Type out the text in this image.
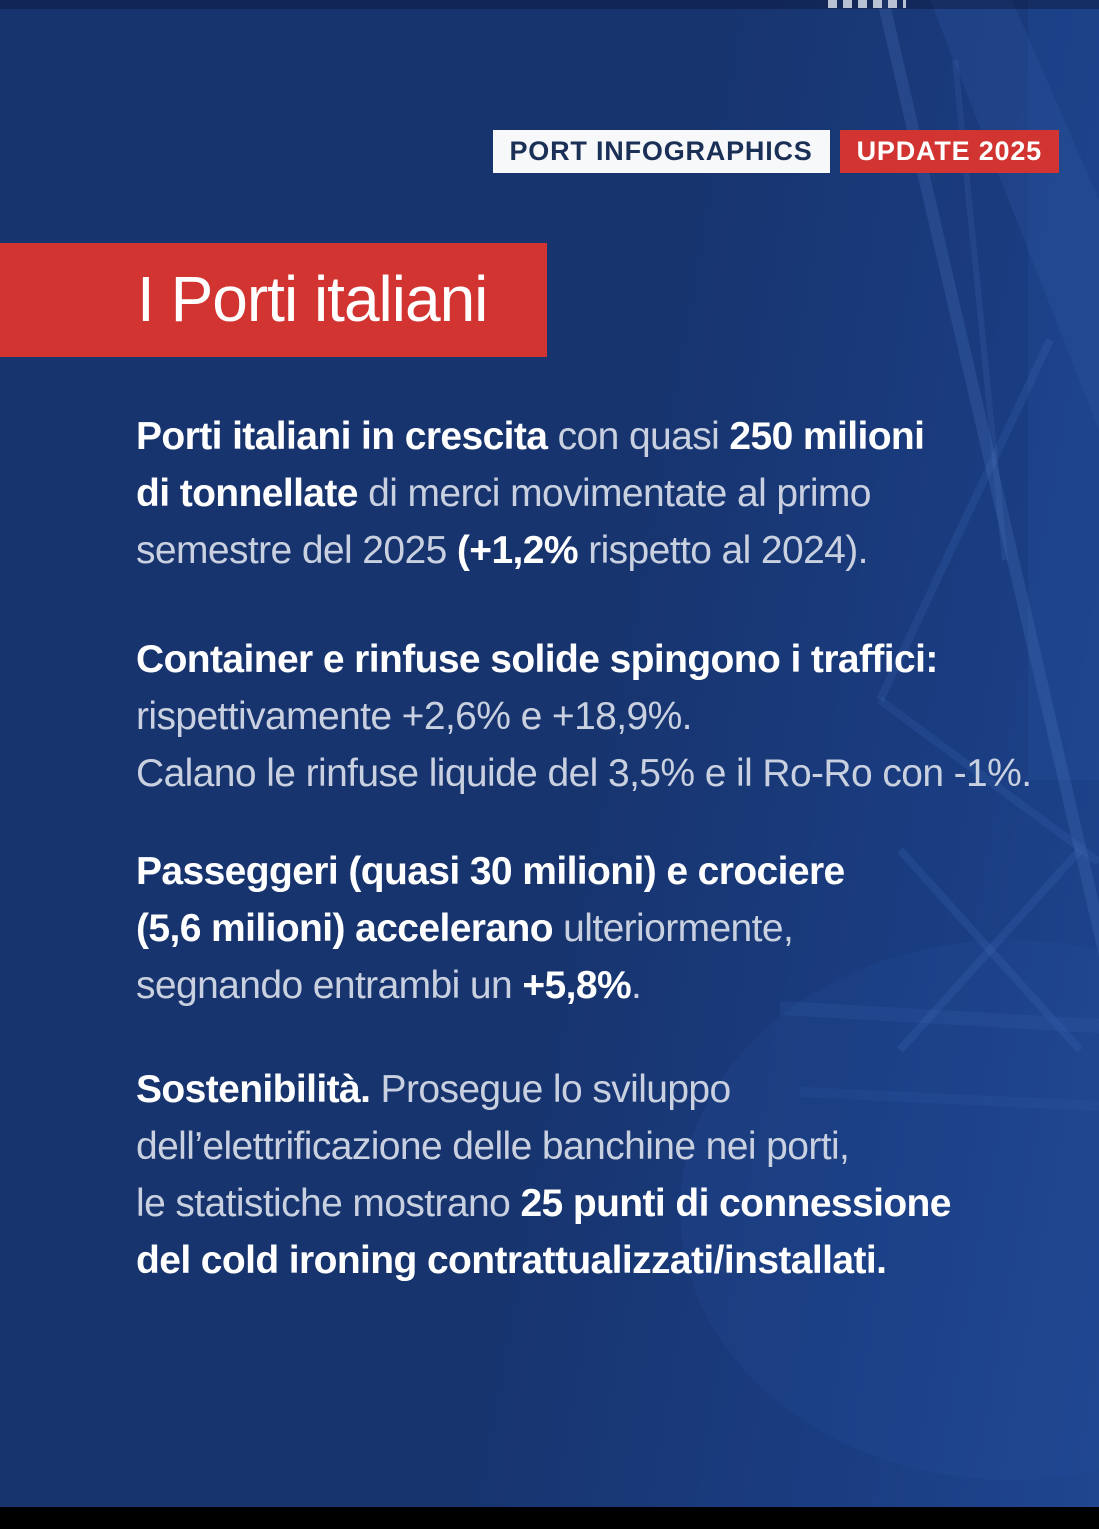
PORT INFOGRAPHICS	UPDATE 2025
I Porti italiani

Porti italiani in crescita con quasi 250 milioni
di tonnellate di merci movimentate al primo
semestre del 2025 (+1,2% rispetto al 2024).

Container e rinfuse solide spingono i traffici:
rispettivamente +2,6% e +18,9%.
Calano le rinfuse liquide del 3,5% e il Ro-Ro con -1%.

Passeggeri (quasi 30 milioni) e crociere
(5,6 milioni) accelerano ulteriormente,
segnando entrambi un +5,8%.

Sostenibilità. Prosegue lo sviluppo
dell’elettrificazione delle banchine nei porti,
le statistiche mostrano 25 punti di connessione
del cold ironing contrattualizzati/installati.
